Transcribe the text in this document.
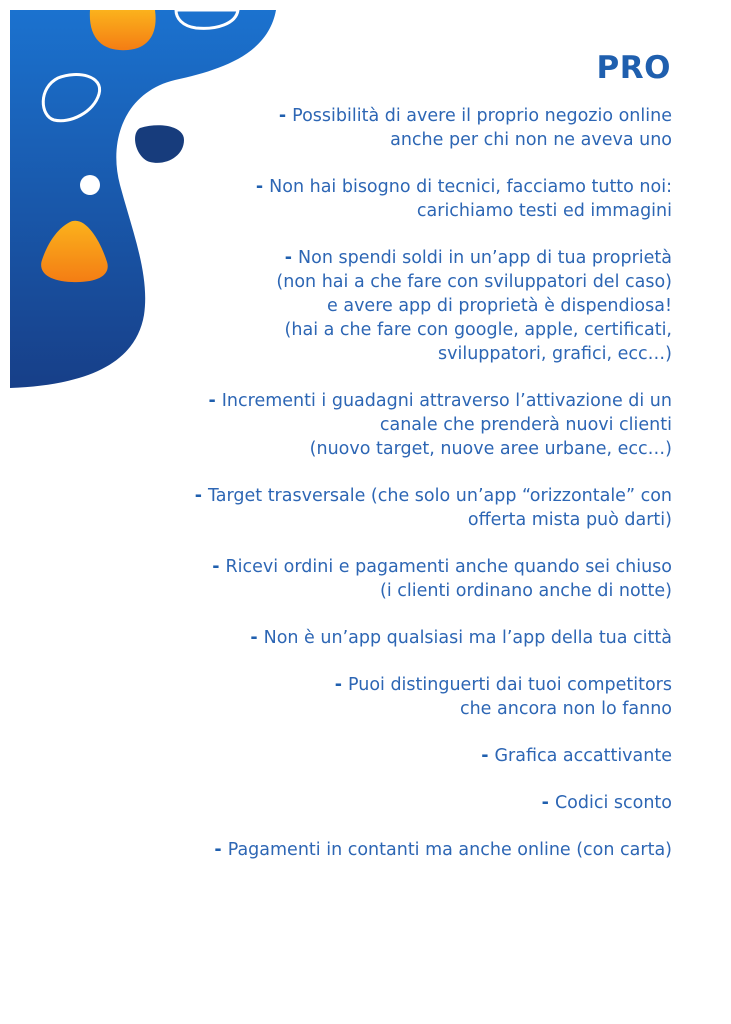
PRO
- Possibilità di avere il proprio negozio online
anche per chi non ne aveva uno
- Non hai bisogno di tecnici, facciamo tutto noi:
carichiamo testi ed immagini
- Non spendi soldi in un’app di tua proprietà
(non hai a che fare con sviluppatori del caso)
e avere app di proprietà è dispendiosa!
(hai a che fare con google, apple, certificati,
sviluppatori, grafici, ecc…)
- Incrementi i guadagni attraverso l’attivazione di un
canale che prenderà nuovi clienti
(nuovo target, nuove aree urbane, ecc…)
- Target trasversale (che solo un’app “orizzontale” con
offerta mista può darti)
- Ricevi ordini e pagamenti anche quando sei chiuso
(i clienti ordinano anche di notte)
- Non è un’app qualsiasi ma l’app della tua città
- Puoi distinguerti dai tuoi competitors
che ancora non lo fanno
- Grafica accattivante
- Codici sconto
- Pagamenti in contanti ma anche online (con carta)
